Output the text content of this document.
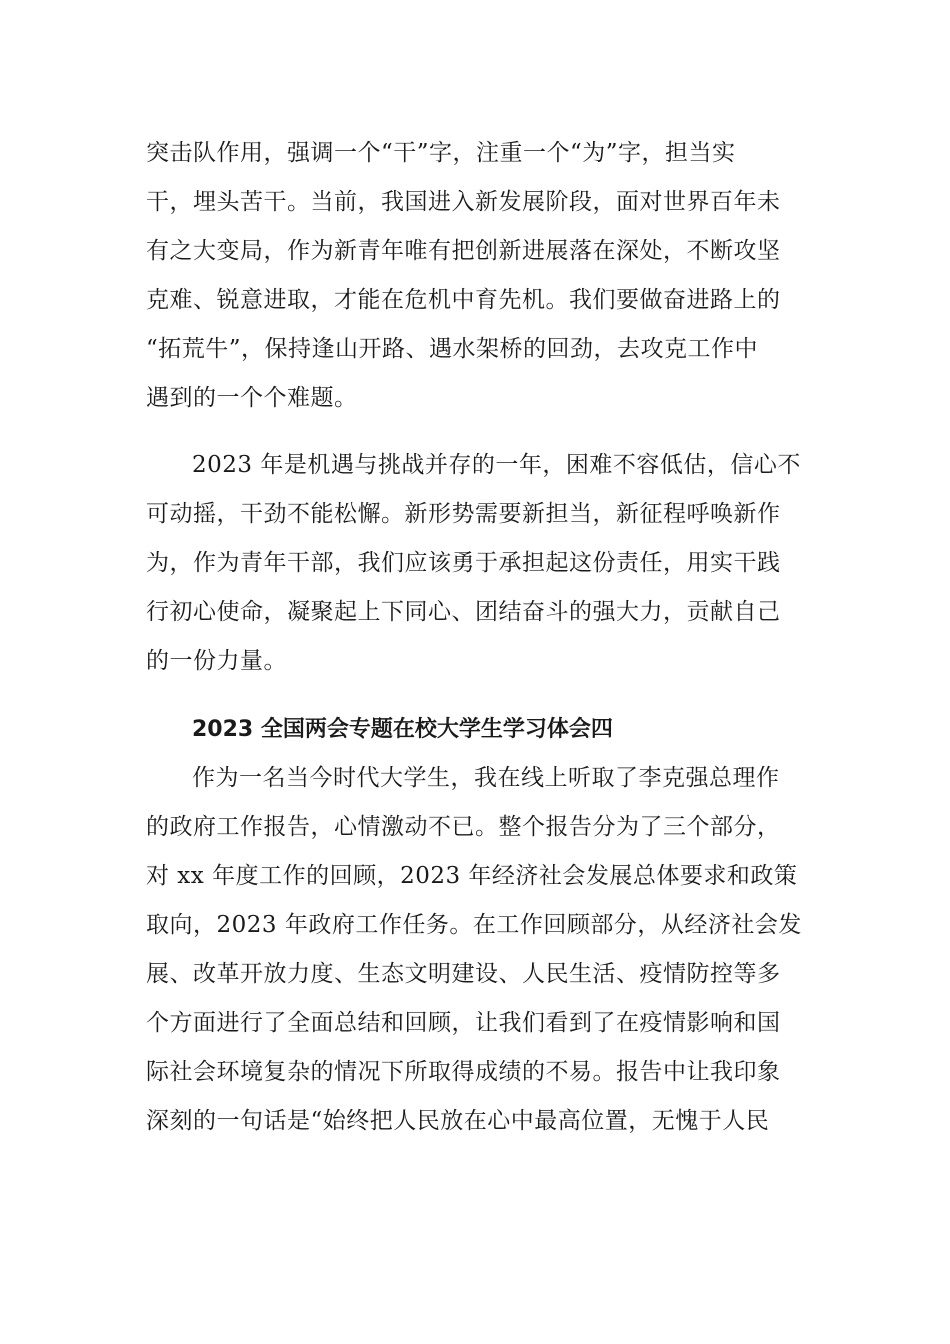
突击队作用，强调一个“干”字，注重一个“为”字，担当实
干，埋头苦干。当前，我国进入新发展阶段，面对世界百年未
有之大变局，作为新青年唯有把创新进展落在深处，不断攻坚
克难、锐意进取，才能在危机中育先机。我们要做奋进路上的
“拓荒牛”，保持逢山开路、遇水架桥的回劲，去攻克工作中
遇到的一个个难题。
2023 年是机遇与挑战并存的一年，困难不容低估，信心不
可动摇，干劲不能松懈。新形势需要新担当，新征程呼唤新作
为，作为青年干部，我们应该勇于承担起这份责任，用实干践
行初心使命，凝聚起上下同心、团结奋斗的强大力，贡献自己
的一份力量。
2023 全国两会专题在校大学生学习体会四
作为一名当今时代大学生，我在线上听取了李克强总理作
的政府工作报告，心情激动不已。整个报告分为了三个部分，
对 xx 年度工作的回顾，2023 年经济社会发展总体要求和政策
取向，2023 年政府工作任务。在工作回顾部分，从经济社会发
展、改革开放力度、生态文明建设、人民生活、疫情防控等多
个方面进行了全面总结和回顾，让我们看到了在疫情影响和国
际社会环境复杂的情况下所取得成绩的不易。报告中让我印象
深刻的一句话是“始终把人民放在心中最高位置，无愧于人民
